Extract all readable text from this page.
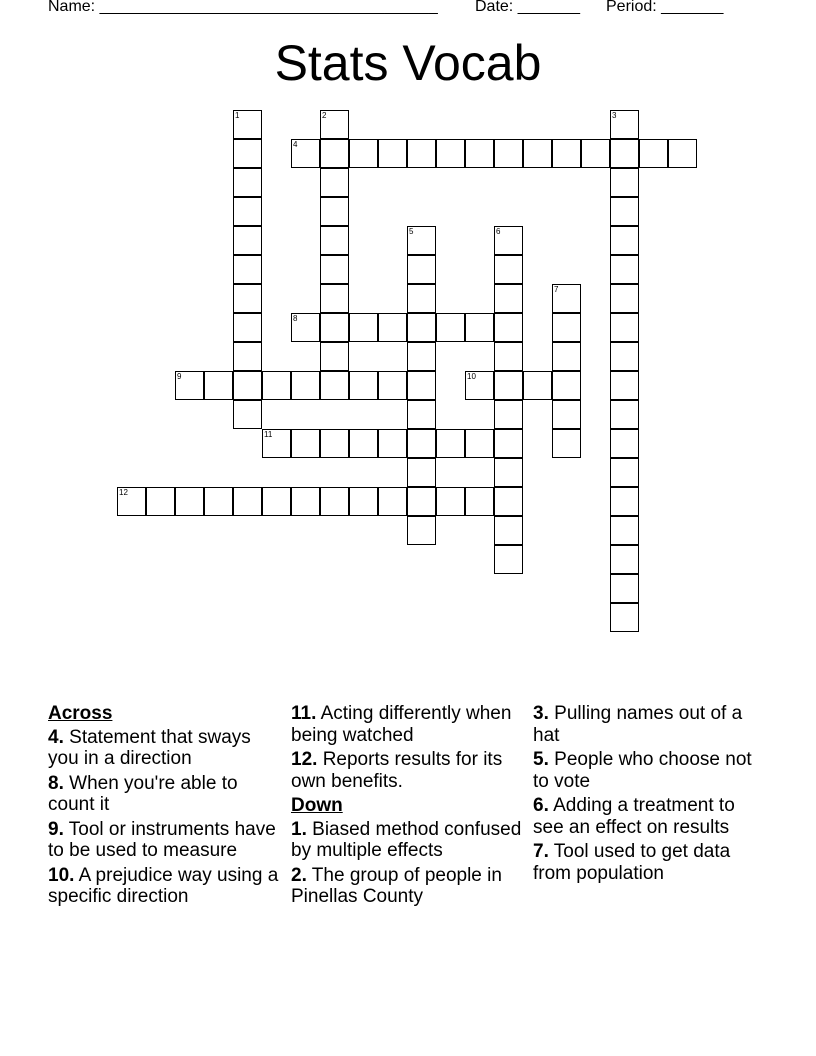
Name: ______________________________________ Date: _______ Period: _______
Stats Vocab
1	2	3
4
5	6
7
8
9	10
11
12
Across
4. Statement that sways you in a direction
8. When you're able to count it
9. Tool or instruments have to be used to measure
10. A prejudice way using a specific direction
11. Acting differently when being watched
12. Reports results for its own benefits.
Down
1. Biased method confused by multiple effects
2. The group of people in Pinellas County
3. Pulling names out of a hat
5. People who choose not to vote
6. Adding a treatment to see an effect on results
7. Tool used to get data from population
